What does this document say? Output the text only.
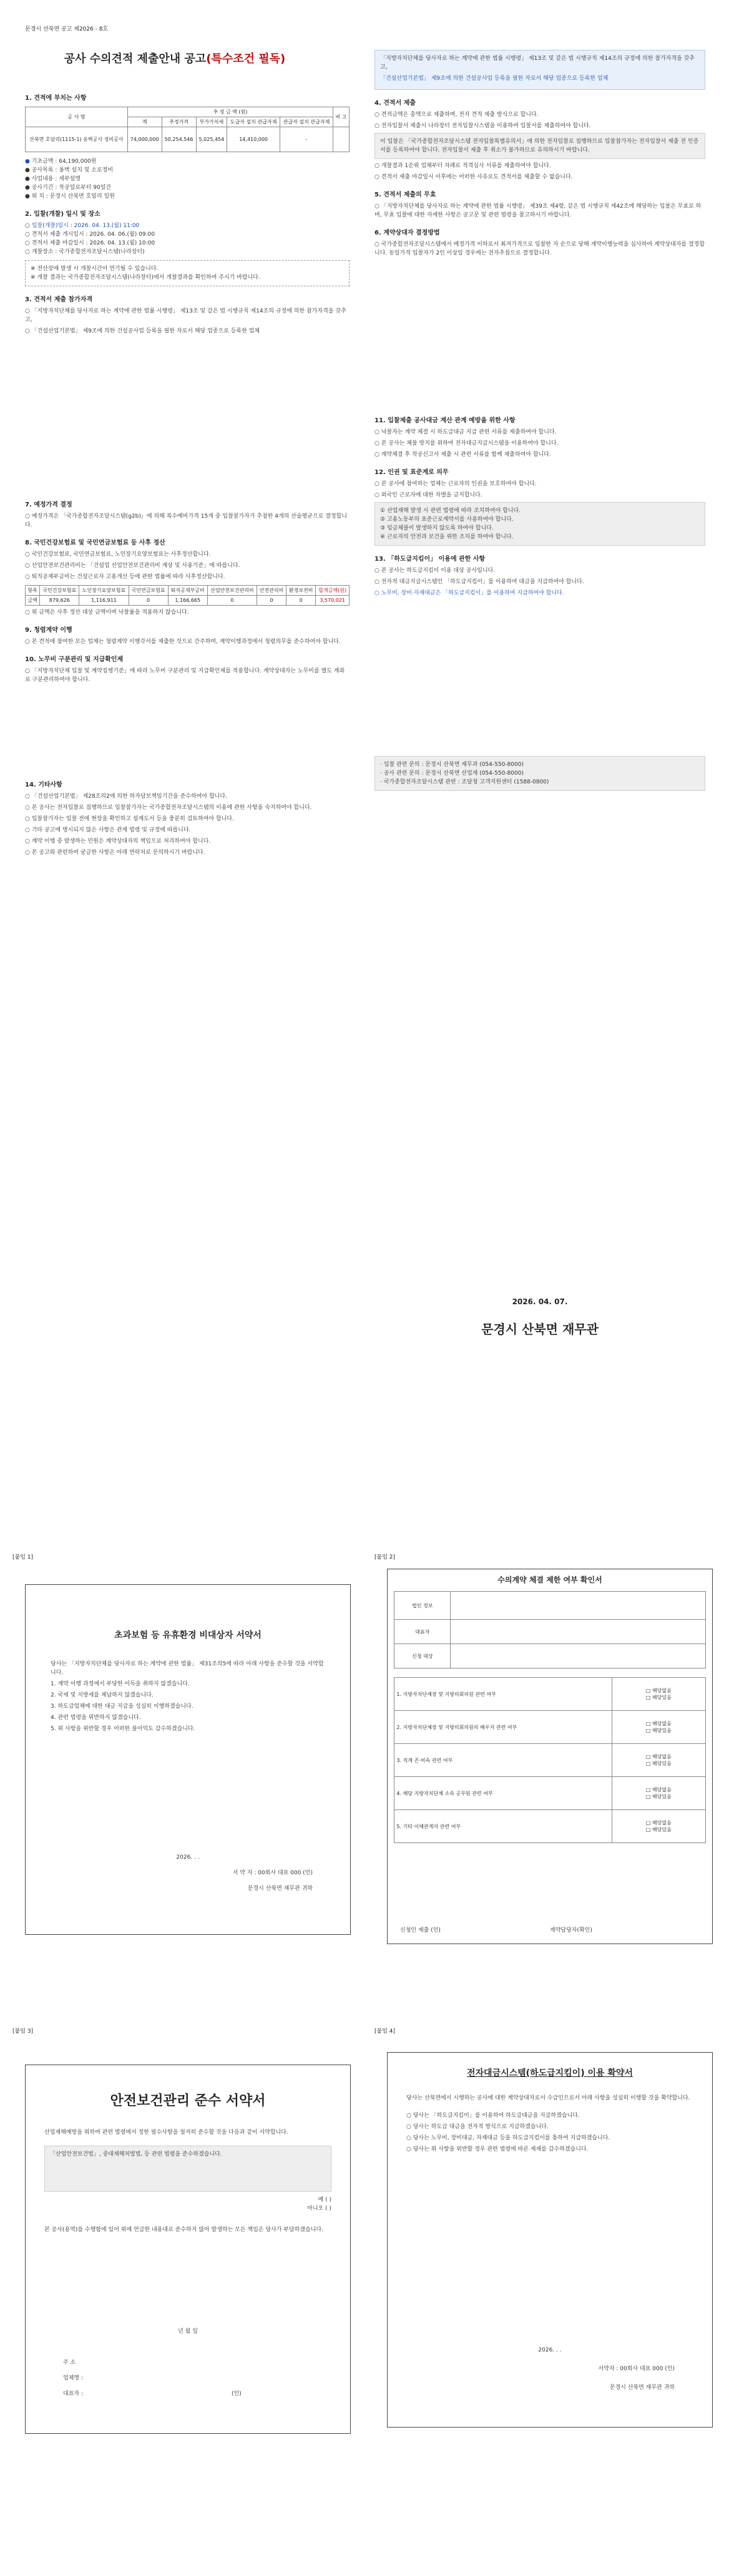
문경시 산북면 공고 제2026 - 8호
공사 수의견적 제출안내 공고(특수조건 필독)
1. 견적에 부치는 사항
공 사 명	추 정 금 액 (원)					비 고
	계	추정가격	부가가치세	도급자 설치 관급자재	관급자 설치 관급자재	
산북면 호암리(1115-1) 옹벽공사 정비공사	74,000,000	50,254,546	5,025,454	14,410,000	-	
● 기초금액 : 64,190,000원
● 공사목록 : 옹벽 설치 및 소로정비
● 사업내용 : 세부설명
● 공사기간 : 착공일로부터 90일간
● 위 치 : 문경시 산북면 호암리 일원
2. 입찰(개찰) 일시 및 장소
○ 입찰(개찰)일시 : 2026. 04. 13.(월) 11:00
○ 견적서 제출 개시일시 : 2026. 04. 06.(월) 09:00
○ 견적서 제출 마감일시 : 2026. 04. 13.(월) 10:00
○ 개찰장소 : 국가종합전자조달시스템(나라장터)
※ 전산장애 발생 시 개찰시간이 연기될 수 있습니다.
※ 개찰 결과는 국가종합전자조달시스템(나라장터)에서 개찰결과를 확인하여 주시기 바랍니다.
3. 견적서 제출 참가자격

○ 「지방자치단체를 당사자로 하는 계약에 관한 법률 시행령」 제13조 및 같은 법 시행규칙 제14조의 규정에 의한 참가자격을 갖추고,

○ 「건설산업기본법」 제9조에 의한 건설공사업 등록을 필한 자로서 해당 업종으로 등록한 업체

7. 예정가격 결정

○ 예정가격은 「국가종합전자조달시스템(g2b)」에 의해 복수예비가격 15개 중 입찰참가자가 추첨한 4개의 산술평균으로 결정합니다.

8. 국민건강보험료 및 국민연금보험료 등 사후 정산

○ 국민건강보험료, 국민연금보험료, 노인장기요양보험료는 사후정산합니다.

○ 산업안전보건관리비는 「건설업 산업안전보건관리비 계상 및 사용기준」에 따릅니다.

○ 퇴직공제부금비는 건설근로자 고용개선 등에 관한 법률에 따라 사후정산합니다.

항목	국민건강보험료	노인장기요양보험료	국민연금보험료	퇴직공제부금비	산업안전보건관리비	안전관리비	환경보전비	합계금액(원)
금액	879,626	1,116,911	0	1,166,665	0	0	0	3,570,021
○ 위 금액은 사후 정산 대상 금액이며 낙찰률을 적용하지 않습니다.
9. 청렴계약 이행

○ 본 견적에 참여한 모든 업체는 청렴계약 이행각서를 제출한 것으로 간주하며, 계약이행과정에서 청렴의무를 준수하여야 합니다.

10. 노무비 구분관리 및 지급확인제

○ 「지방자치단체 입찰 및 계약집행기준」에 따라 노무비 구분관리 및 지급확인제를 적용합니다. 계약상대자는 노무비를 별도 계좌로 구분관리하여야 합니다.

14. 기타사항

○ 「건설산업기본법」 제28조의2에 의한 하자담보책임기간을 준수하여야 합니다.

○ 본 공사는 전자입찰로 집행하므로 입찰참가자는 국가종합전자조달시스템의 이용에 관한 사항을 숙지하여야 합니다.

○ 입찰참가자는 입찰 전에 현장을 확인하고 설계도서 등을 충분히 검토하여야 합니다.

○ 기타 공고에 명시되지 않은 사항은 관계 법령 및 규정에 따릅니다.

○ 계약 이행 중 발생하는 민원은 계약상대자의 책임으로 처리하여야 합니다.

○ 본 공고와 관련하여 궁금한 사항은 아래 연락처로 문의하시기 바랍니다.

「지방자치단체를 당사자로 하는 계약에 관한 법률 시행령」 제13조 및 같은 법 시행규칙 제14조의 규정에 의한 참가자격을 갖추고,

「건설산업기본법」 제9조에 의한 건설공사업 등록을 필한 자로서 해당 업종으로 등록한 업체

4. 견적서 제출

○ 견적금액은 총액으로 제출하며, 전자 견적 제출 방식으로 합니다.

○ 전자입찰서 제출시 나라장터 전자입찰시스템을 이용하여 입찰서를 제출하여야 합니다.

이 입찰은 「국가종합전자조달시스템 전자입찰특별유의서」에 의한 전자입찰로 집행하므로 입찰참가자는 전자입찰서 제출 전 인증서를 등록하여야 합니다. 전자입찰서 제출 후 취소가 불가하므로 유의하시기 바랍니다.

○ 개찰결과 1순위 업체부터 차례로 적격심사 서류를 제출하여야 합니다.

○ 견적서 제출 마감일시 이후에는 어떠한 사유로도 견적서를 제출할 수 없습니다.

5. 견적서 제출의 무효

○ 「지방자치단체를 당사자로 하는 계약에 관한 법률 시행령」 제39조 제4항, 같은 법 시행규칙 제42조에 해당하는 입찰은 무효로 하며, 무효 입찰에 대한 자세한 사항은 공고문 및 관련 법령을 참고하시기 바랍니다.

6. 계약상대자 결정방법

○ 국가종합전자조달시스템에서 예정가격 이하로서 최저가격으로 입찰한 자 순으로 당해 계약이행능력을 심사하여 계약상대자를 결정합니다. 동일가격 입찰자가 2인 이상일 경우에는 전자추첨으로 결정합니다.

11. 입찰제출 공사대금 계산 관계 예방을 위한 사항

○ 낙찰자는 계약 체결 시 하도급대금 지급 관련 서류를 제출하여야 합니다.

○ 본 공사는 체불 방지를 위하여 전자대금지급시스템을 이용하여야 합니다.

○ 계약체결 후 착공신고서 제출 시 관련 서류를 함께 제출하여야 합니다.

12. 인권 및 표준계로 의무

○ 본 공사에 참여하는 업체는 근로자의 인권을 보호하여야 합니다.

○ 외국인 근로자에 대한 차별을 금지합니다.

① 산업재해 발생 시 관련 법령에 따라 조치하여야 합니다.
② 고용노동부의 표준근로계약서를 사용하여야 합니다.
③ 임금체불이 발생하지 않도록 하여야 합니다.
④ 근로자의 안전과 보건을 위한 조치를 하여야 합니다.
13. 「하도급지킴이」 이용에 관한 사항

○ 본 공사는 하도급지킴이 이용 대상 공사입니다.

○ 전자적 대금지급시스템인 「하도급지킴이」를 이용하여 대금을 지급하여야 합니다.

○ 노무비, 장비·자재대금은 「하도급지킴이」를 이용하여 지급하여야 합니다.

· 입찰 관련 문의 : 문경시 산북면 재무과 (054-550-8000)
· 공사 관련 문의 : 문경시 산북면 산업계 (054-550-8000)
· 국가종합전자조달시스템 관련 : 조달청 고객지원센터 (1588-0800)
2026. 04. 07.
문경시 산북면 재무관
[붙임 1]
초과보험 등 유휴환경 비대상자 서약서

당사는 「지방자치단체를 당사자로 하는 계약에 관한 법률」 제31조의5에 따라 아래 사항을 준수할 것을 서약합니다.

1. 계약 이행 과정에서 부당한 이득을 취하지 않겠습니다.

2. 국세 및 지방세를 체납하지 않겠습니다.

3. 하도급업체에 대한 대금 지급을 성실히 이행하겠습니다.

4. 관련 법령을 위반하지 않겠습니다.

5. 위 사항을 위반할 경우 어떠한 불이익도 감수하겠습니다.

2026. . .
서 약 자 : 00회사 대표 000 (인)
문경시 산북면 재무관 귀하
[붙임 2]
수의계약 체결 제한 여부 확인서
법인 정보	
대표자	
신청 대상	
1. 지방자치단체장 및 지방의회의원 관련 여부	□ 해당없음
□ 해당있음
2. 지방자치단체장 및 지방의회의원의 배우자 관련 여부	□ 해당없음
□ 해당있음
3. 직계 존·비속 관련 여부	□ 해당없음
□ 해당있음
4. 해당 지방자치단체 소속 공무원 관련 여부	□ 해당없음
□ 해당있음
5. 기타 이해관계자 관련 여부	□ 해당없음
□ 해당있음
신청인 제출 (인)	계약담당자(확인)
[붙임 3]
안전보건관리 준수 서약서
산업재해예방을 위하여 관련 법령에서 정한 필수사항을 철저히 준수할 것을 다음과 같이 서약합니다.
「산업안전보건법」, 중대재해처벌법, 등 관련 법령을 준수하겠습니다.
예 ( )
아니오 ( )
본 공사(용역)를 수행함에 있어 위에 언급한 내용대로 준수하지 않아 발생하는 모든 책임은 당사가 부담하겠습니다.
년 월 일
주 소
업체명 :
대표자 :	(인)
[붙임 4]
전자대금시스템(하도급지킴이) 이용 확약서
당사는 산북면에서 시행하는 공사에 대한 계약상대자로서 수급인으로서 아래 사항을 성실히 이행할 것을 확약합니다.

○ 당사는 「하도급지킴이」를 이용하여 하도급대금을 지급하겠습니다.

○ 당사는 하도급 대금을 전자적 방식으로 지급하겠습니다.

○ 당사는 노무비, 장비대금, 자재대금 등을 하도급지킴이를 통하여 지급하겠습니다.

○ 당사는 위 사항을 위반할 경우 관련 법령에 따른 제재를 감수하겠습니다.

2026. . .
서약자 : 00회사 대표 000 (인)
문경시 산북면 재무관 귀하
